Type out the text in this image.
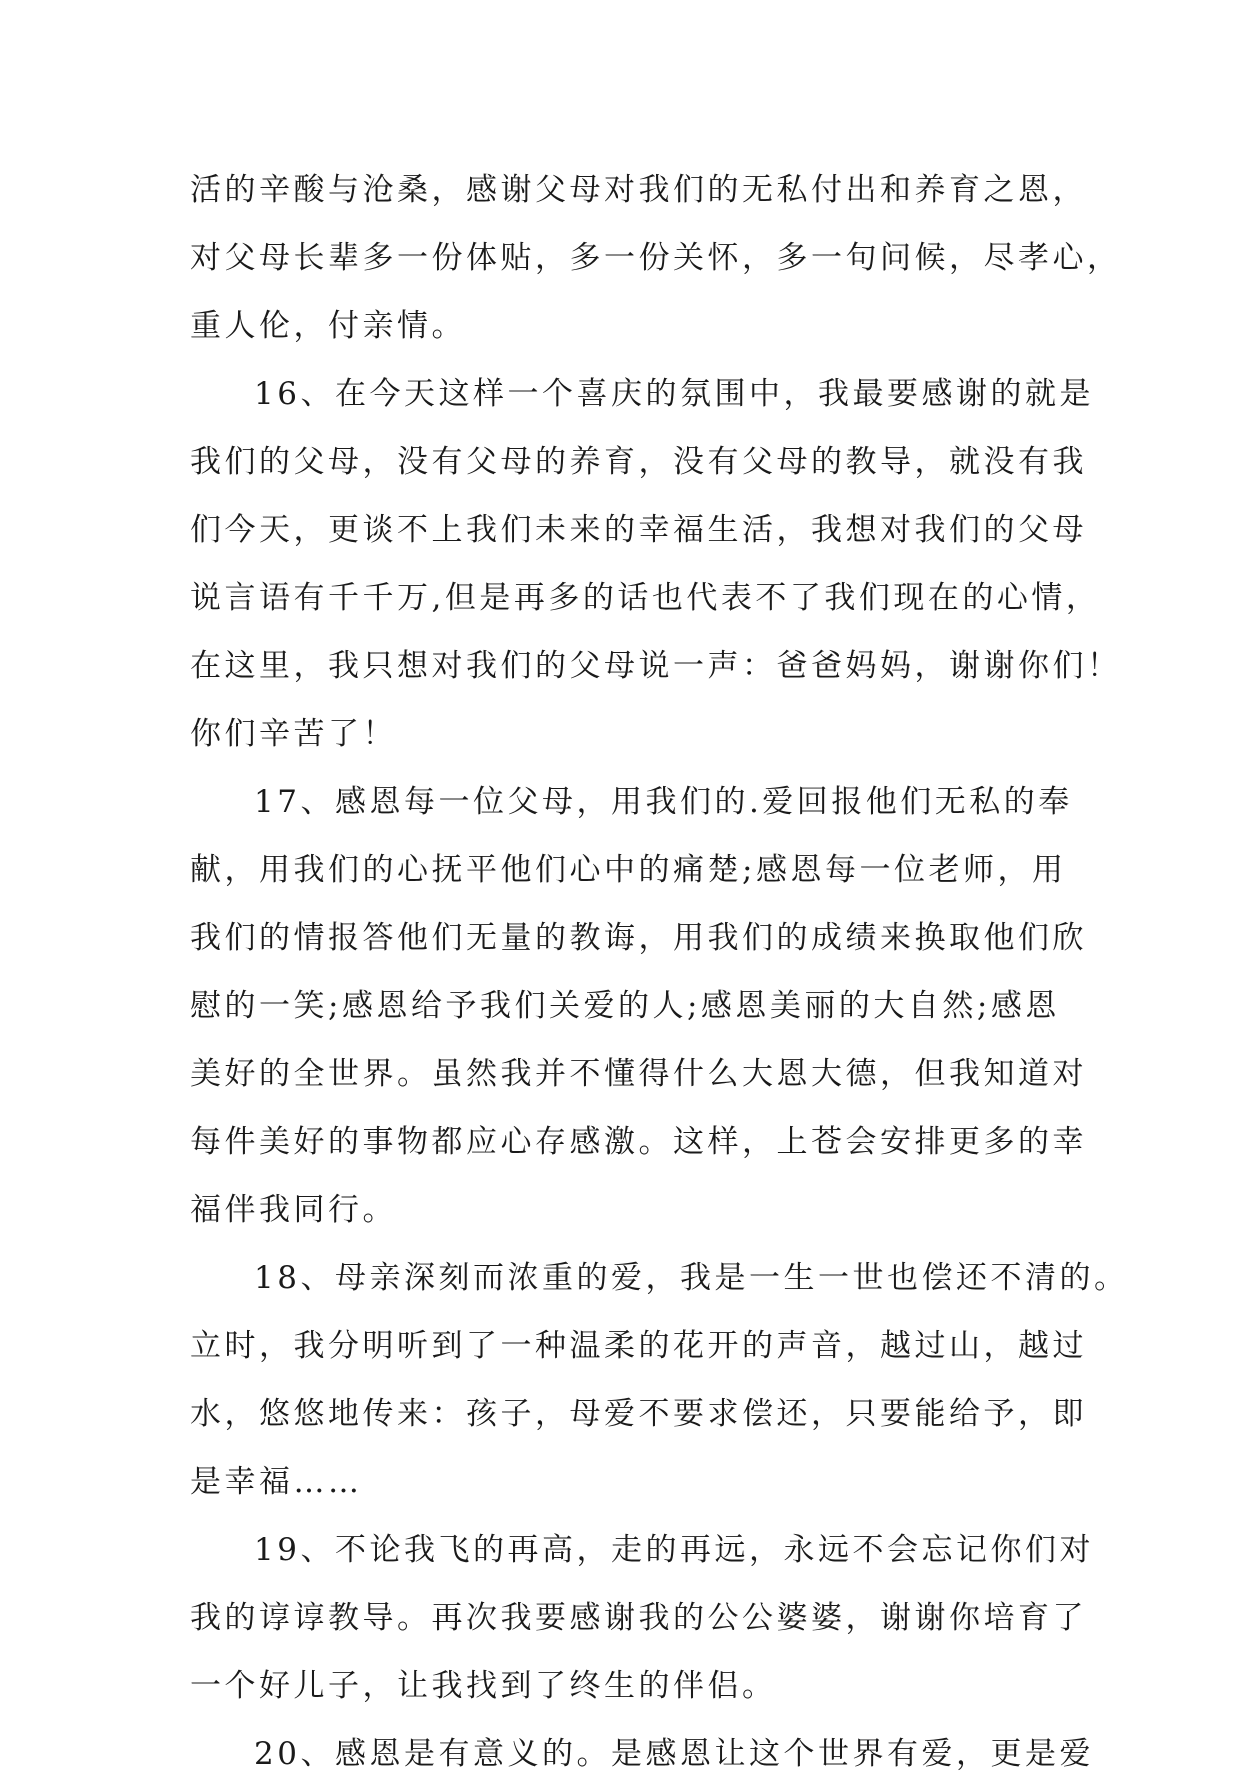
活的辛酸与沧桑，感谢父母对我们的无私付出和养育之恩，
对父母长辈多一份体贴，多一份关怀，多一句问候，尽孝心，
重人伦，付亲情。
16、在今天这样一个喜庆的氛围中，我最要感谢的就是
我们的父母，没有父母的养育，没有父母的教导，就没有我
们今天，更谈不上我们未来的幸福生活，我想对我们的父母
说言语有千千万,但是再多的话也代表不了我们现在的心情，
在这里，我只想对我们的父母说一声：爸爸妈妈，谢谢你们！
你们辛苦了！
17、感恩每一位父母，用我们的.爱回报他们无私的奉
献，用我们的心抚平他们心中的痛楚;感恩每一位老师，用
我们的情报答他们无量的教诲，用我们的成绩来换取他们欣
慰的一笑;感恩给予我们关爱的人;感恩美丽的大自然;感恩
美好的全世界。虽然我并不懂得什么大恩大德，但我知道对
每件美好的事物都应心存感激。这样，上苍会安排更多的幸
福伴我同行。
18、母亲深刻而浓重的爱，我是一生一世也偿还不清的。
立时，我分明听到了一种温柔的花开的声音，越过山，越过
水，悠悠地传来：孩子，母爱不要求偿还，只要能给予，即
是幸福……
19、不论我飞的再高，走的再远，永远不会忘记你们对
我的谆谆教导。再次我要感谢我的公公婆婆，谢谢你培育了
一个好儿子，让我找到了终生的伴侣。
20、感恩是有意义的。是感恩让这个世界有爱，更是爱
